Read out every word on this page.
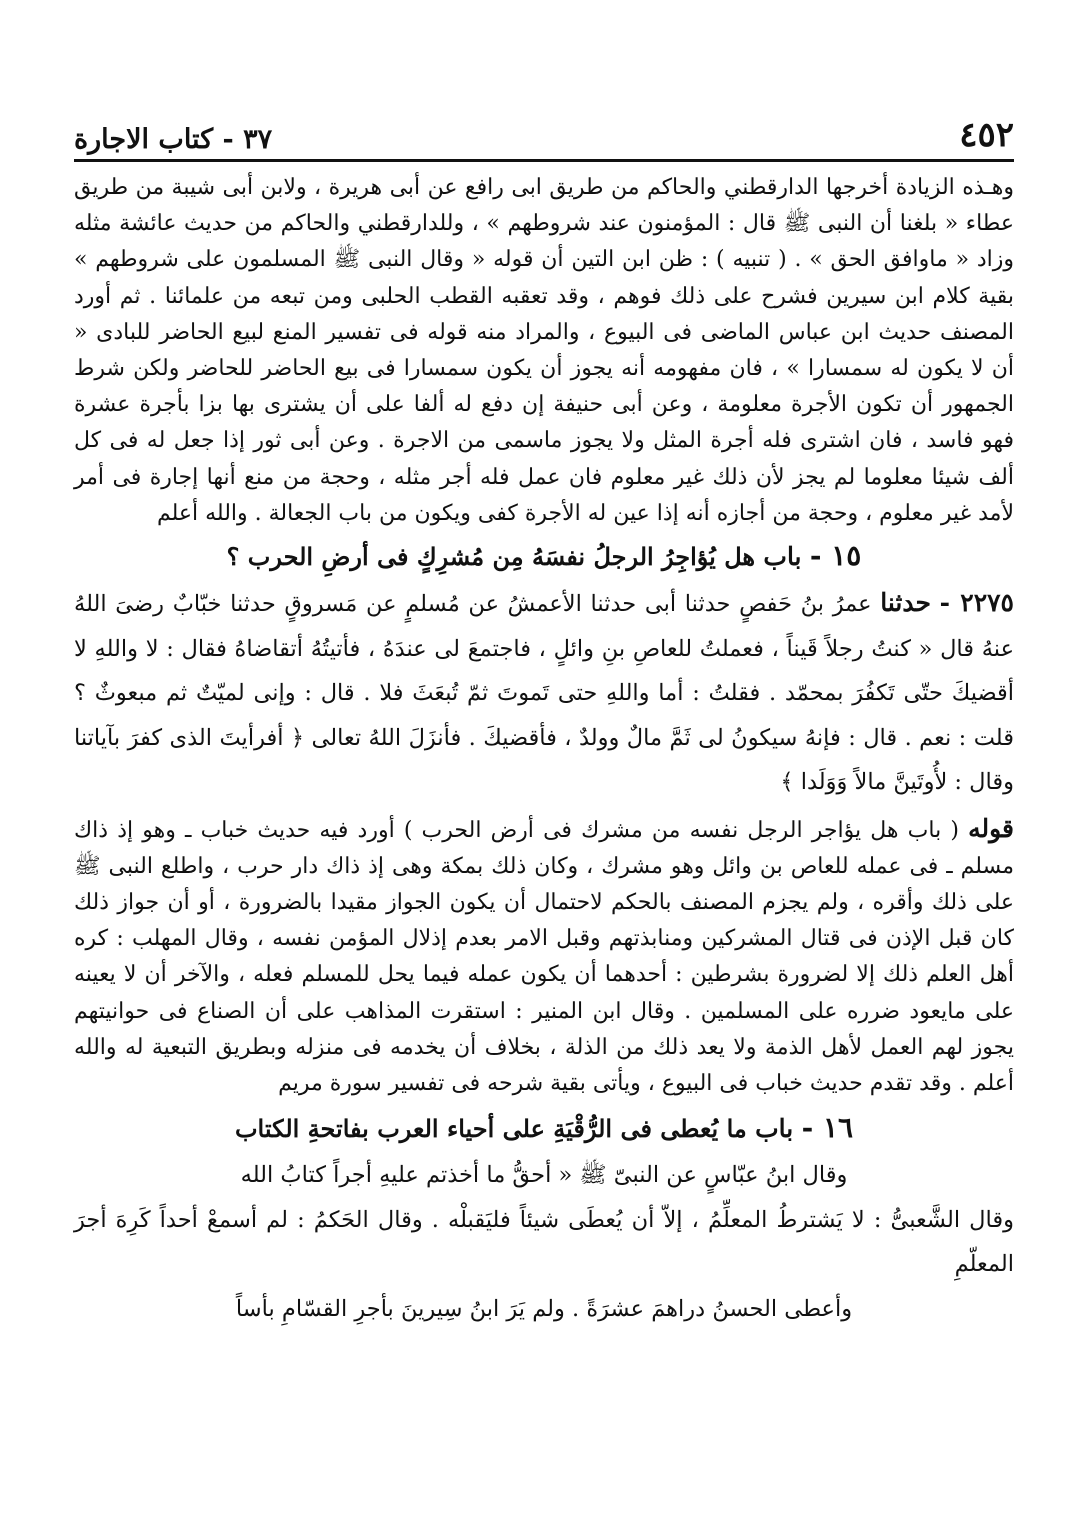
٤٥٢
٣٧ - كتاب الاجارة

وهـذه الزيادة أخرجها الدارقطني والحاكم من طريق ابى رافع عن أبى هريرة ، ولابن أبى شيبة من طريق عطاء « بلغنا أن النبى ﷺ قال : المؤمنون عند شروطهم » ، وللدارقطني والحاكم من حديث عائشة مثله وزاد « ماوافق الحق » . ( تنبيه ) : ظن ابن التين أن قوله « وقال النبى ﷺ المسلمون على شروطهم » بقية كلام ابن سيرين فشرح على ذلك فوهم ، وقد تعقبه القطب الحلبى ومن تبعه من علمائنا . ثم أورد المصنف حديث ابن عباس الماضى فى البيوع ، والمراد منه قوله فى تفسير المنع لبيع الحاضر للبادى « أن لا يكون له سمسارا » ، فان مفهومه أنه يجوز أن يكون سمسارا فى بيع الحاضر للحاضر ولكن شرط الجمهور أن تكون الأجرة معلومة ، وعن أبى حنيفة إن دفع له ألفا على أن يشترى بها بزا بأجرة عشرة فهو فاسد ، فان اشترى فله أجرة المثل ولا يجوز ماسمى من الاجرة . وعن أبى ثور إذا جعل له فى كل ألف شيئا معلوما لم يجز لأن ذلك غير معلوم فان عمل فله أجر مثله ، وحجة من منع أنها إجارة فى أمر لأمد غير معلوم ، وحجة من أجازه أنه إذا عين له الأجرة كفى ويكون من باب الجعالة . والله أعلم

١٥ - باب هل يُؤاجِرُ الرجلُ نفسَهُ مِن مُشرِكٍ فى أرضِ الحرب ؟

٢٢٧٥ - حدثنا عمرُ بنُ حَفصٍ حدثنا أبى حدثنا الأعمشُ عن مُسلمٍ عن مَسروقٍ حدثنا خبّابٌ رضىَ اللهُ عنهُ قال « كنتُ رجلاً قَيناً ، فعملتُ للعاصِ بنِ وائلٍ ، فاجتمعَ لى عندَهُ ، فأتيتُهُ أتقاضاهُ فقال : لا واللهِ لا أقضيكَ حتّى تَكفُرَ بمحمّد . فقلتُ : أما واللهِ حتى تَموتَ ثمّ تُبعَثَ فلا . قال : وإنى لميّتٌ ثم مبعوثٌ ؟ قلت : نعم . قال : فإنهُ سيكونُ لى ثَمَّ مالٌ وولدٌ ، فأقضيكَ . فأنزَلَ اللهُ تعالى ﴿ أفرأيتَ الذى كفرَ بآياتنا وقال : لأُوتَينَّ مالاً وَوَلَدا ﴾

قوله ( باب هل يؤاجر الرجل نفسه من مشرك فى أرض الحرب ) أورد فيه حديث خباب ـ وهو إذ ذاك مسلم ـ فى عمله للعاص بن وائل وهو مشرك ، وكان ذلك بمكة وهى إذ ذاك دار حرب ، واطلع النبى ﷺ على ذلك وأقره ، ولم يجزم المصنف بالحكم لاحتمال أن يكون الجواز مقيدا بالضرورة ، أو أن جواز ذلك كان قبل الإذن فى قتال المشركين ومنابذتهم وقبل الامر بعدم إذلال المؤمن نفسه ، وقال المهلب : كره أهل العلم ذلك إلا لضرورة بشرطين : أحدهما أن يكون عمله فيما يحل للمسلم فعله ، والآخر أن لا يعينه على مايعود ضرره على المسلمين . وقال ابن المنير : استقرت المذاهب على أن الصناع فى حوانيتهم يجوز لهم العمل لأهل الذمة ولا يعد ذلك من الذلة ، بخلاف أن يخدمه فى منزله وبطريق التبعية له والله أعلم . وقد تقدم حديث خباب فى البيوع ، ويأتى بقية شرحه فى تفسير سورة مريم

١٦ - باب ما يُعطى فى الرُّقْيَةِ على أحياء العرب بفاتحةِ الكتاب

وقال ابنُ عبّاسٍ عن النبىّ ﷺ « أحقُّ ما أخذتم عليهِ أجراً كتابُ الله

وقال الشَّعبىُّ : لا يَشترطُ المعلِّمُ ، إلاّ أن يُعطَى شيئاً فليَقبلْه . وقال الحَكمُ : لم أسمعْ أحداً كَرِهَ أجرَ المعلّمِ

وأعطى الحسنُ دراهمَ عشرَةً . ولم يَرَ ابنُ سِيرينَ بأجرِ القسّامِ بأساً
